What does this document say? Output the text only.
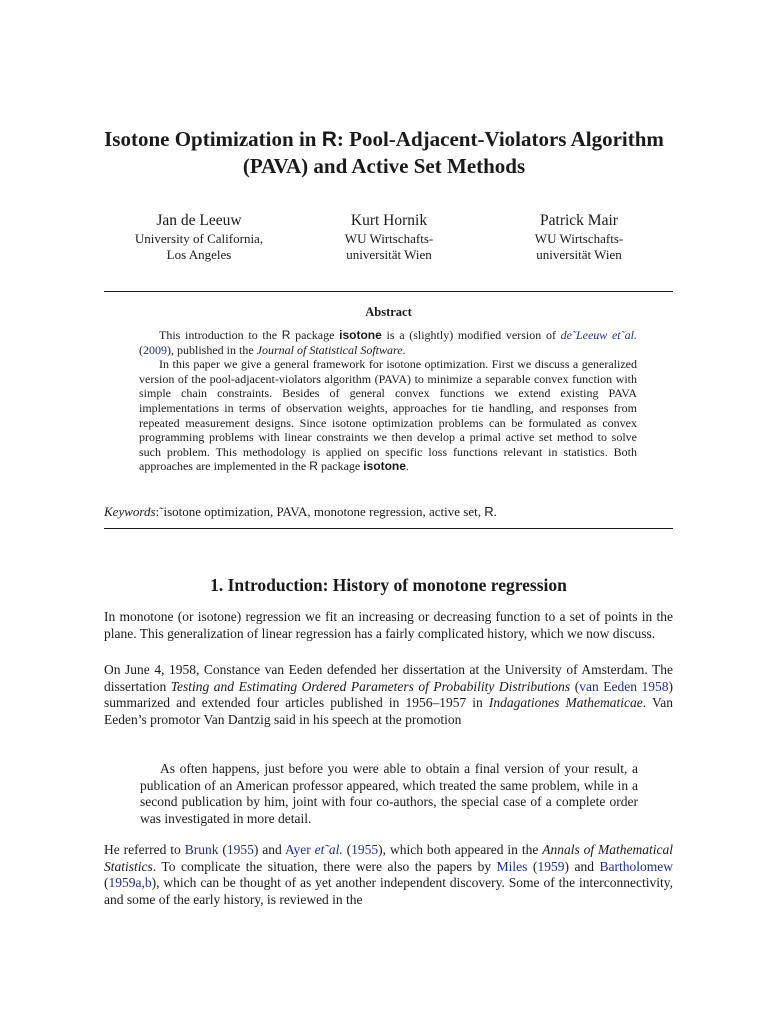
Isotone Optimization in R: Pool-Adjacent-Violators Algorithm (PAVA) and Active Set Methods
Jan de Leeuw
University of California,
Los Angeles
Kurt Hornik
WU Wirtschafts-
universität Wien
Patrick Mair
WU Wirtschafts-
universität Wien
Abstract

This introduction to the R package isotone is a (slightly) modified version of de˜Leeuw et˜al. (2009), published in the Journal of Statistical Software.

In this paper we give a general framework for isotone optimization. First we discuss a generalized version of the pool-adjacent-violators algorithm (PAVA) to minimize a separable convex function with simple chain constraints. Besides of general convex functions we extend existing PAVA implementations in terms of observation weights, approaches for tie handling, and responses from repeated measurement designs. Since isotone optimization problems can be formulated as convex programming problems with linear constraints we then develop a primal active set method to solve such problem. This methodology is applied on specific loss functions relevant in statistics. Both approaches are implemented in the R package isotone.

Keywords:˜isotone optimization, PAVA, monotone regression, active set, R.
1. Introduction: History of monotone regression

In monotone (or isotone) regression we fit an increasing or decreasing function to a set of points in the plane. This generalization of linear regression has a fairly complicated history, which we now discuss.

On June 4, 1958, Constance van Eeden defended her dissertation at the University of Amsterdam. The dissertation Testing and Estimating Ordered Parameters of Probability Distributions (van Eeden 1958) summarized and extended four articles published in 1956–1957 in Indagationes Mathematicae. Van Eeden’s promotor Van Dantzig said in his speech at the promotion

As often happens, just before you were able to obtain a final version of your result, a publication of an American professor appeared, which treated the same problem, while in a second publication by him, joint with four co-authors, the special case of a complete order was investigated in more detail.

He referred to Brunk (1955) and Ayer et˜al. (1955), which both appeared in the Annals of Mathematical Statistics. To complicate the situation, there were also the papers by Miles (1959) and Bartholomew (1959a,b), which can be thought of as yet another independent discovery. Some of the interconnectivity, and some of the early history, is reviewed in the
